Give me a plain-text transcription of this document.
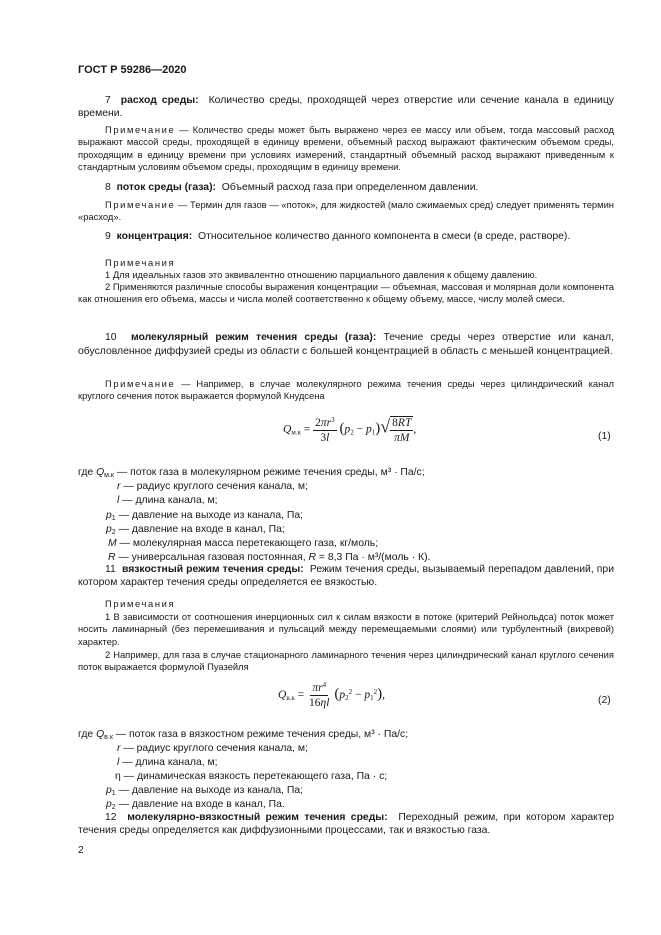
ГОСТ Р 59286—2020
7 расход среды: Количество среды, проходящей через отверстие или сечение канала в единицу времени.
Примечание — Количество среды может быть выражено через ее массу или объем, тогда массовый расход выражают массой среды, проходящей в единицу времени, объемный расход выражают фактическим объемом среды, проходящим в единицу времени при условиях измерений, стандартный объемный расход выражают приведенным к стандартным условиям объемом среды, проходящим в единицу времени.
8 поток среды (газа): Объемный расход газа при определенном давлении.
Примечание — Термин для газов — «поток», для жидкостей (мало сжимаемых сред) следует применять термин «расход».
9 концентрация: Относительное количество данного компонента в смеси (в среде, растворе).
Примечания
1 Для идеальных газов это эквивалентно отношению парциального давления к общему давлению.
2 Применяются различные способы выражения концентрации — объемная, массовая и молярная доли компонента как отношения его объема, массы и числа молей соответственно к общему объему, массе, числу молей смеси.
10 молекулярный режим течения среды (газа): Течение среды через отверстие или канал, обусловленное диффузией среды из области с большей концентрацией в область с меньшей концентрацией.
Примечание — Например, в случае молекулярного режима течения среды через цилиндрический канал круглого сечения поток выражается формулой Кнудсена
$Q_{м.к} = \frac{2\pi r^3}{3l} (p_2 - p_1)√ \frac{8RT}{\pi M}$ ,
(1)
где $Q_{м.к}$ — поток газа в молекулярном режиме течения среды, м³ · Па/с;
r — радиус круглого сечения канала, м;
l — длина канала, м;
$p_1$ — давление на выходе из канала, Па;
$p_2$ — давление на входе в канал, Па;
M — молекулярная масса перетекающего газа, кг/моль;
R — универсальная газовая постоянная, R = 8,3 Па · м³/(моль · К).
11 вязкостный режим течения среды: Режим течения среды, вызываемый перепадом давлений, при котором характер течения среды определяется ее вязкостью.
Примечания
1 В зависимости от соотношения инерционных сил к силам вязкости в потоке (критерий Рейнольдса) поток может носить ламинарный (без перемешивания и пульсаций между перемещаемыми слоями) или турбулентный (вихревой) характер.
2 Например, для газа в случае стационарного ламинарного течения через цилиндрический канал круглого сечения поток выражается формулой Пуазейля
$Q_{в.к} = \frac{\pi r^4}{16\eta l} (p_2^2 - p_1^2)$,	(2)
где $Q_{в.к}$ — поток газа в вязкостном режиме течения среды, м³ · Па/с;
r — радиус круглого сечения канала, м;
l — длина канала, м;
η — динамическая вязкость перетекающего газа, Па · с;
$p_1$ — давление на выходе из канала, Па;
$p_2$ — давление на входе в канал, Па.
12 молекулярно-вязкостный режим течения среды: Переходный режим, при котором характер течения среды определяется как диффузионными процессами, так и вязкостью газа.
2
